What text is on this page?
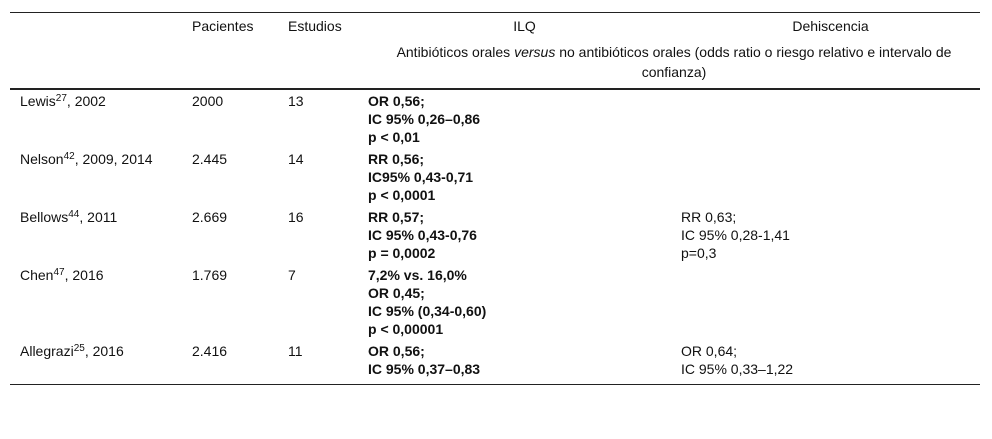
	Pacientes	Estudios	ILQ	Dehiscencia
			Antibióticos orales versus no antibióticos orales (odds ratio o riesgo relativo e intervalo de confianza)	
Lewis$^{27}$, 2002	2000	13	OR 0,56;
IC 95% 0,26–0,86
p < 0,01	

Nelson$^{42}$, 2009, 2014	2.445	14	RR 0,56;
IC95% 0,43-0,71
p < 0,0001	

Bellows$^{44}$, 2011	2.669	16	RR 0,57;
IC 95% 0,43-0,76
p = 0,0002	RR 0,63;
IC 95% 0,28-1,41
p=0,3

Chen$^{47}$, 2016	1.769	7	7,2% vs. 16,0%
OR 0,45;
IC 95% (0,34-0,60)
p < 0,00001	

Allegrazi$^{25}$, 2016	2.416	11	OR 0,56;
IC 95% 0,37–0,83	OR 0,64;
IC 95% 0,33–1,22
